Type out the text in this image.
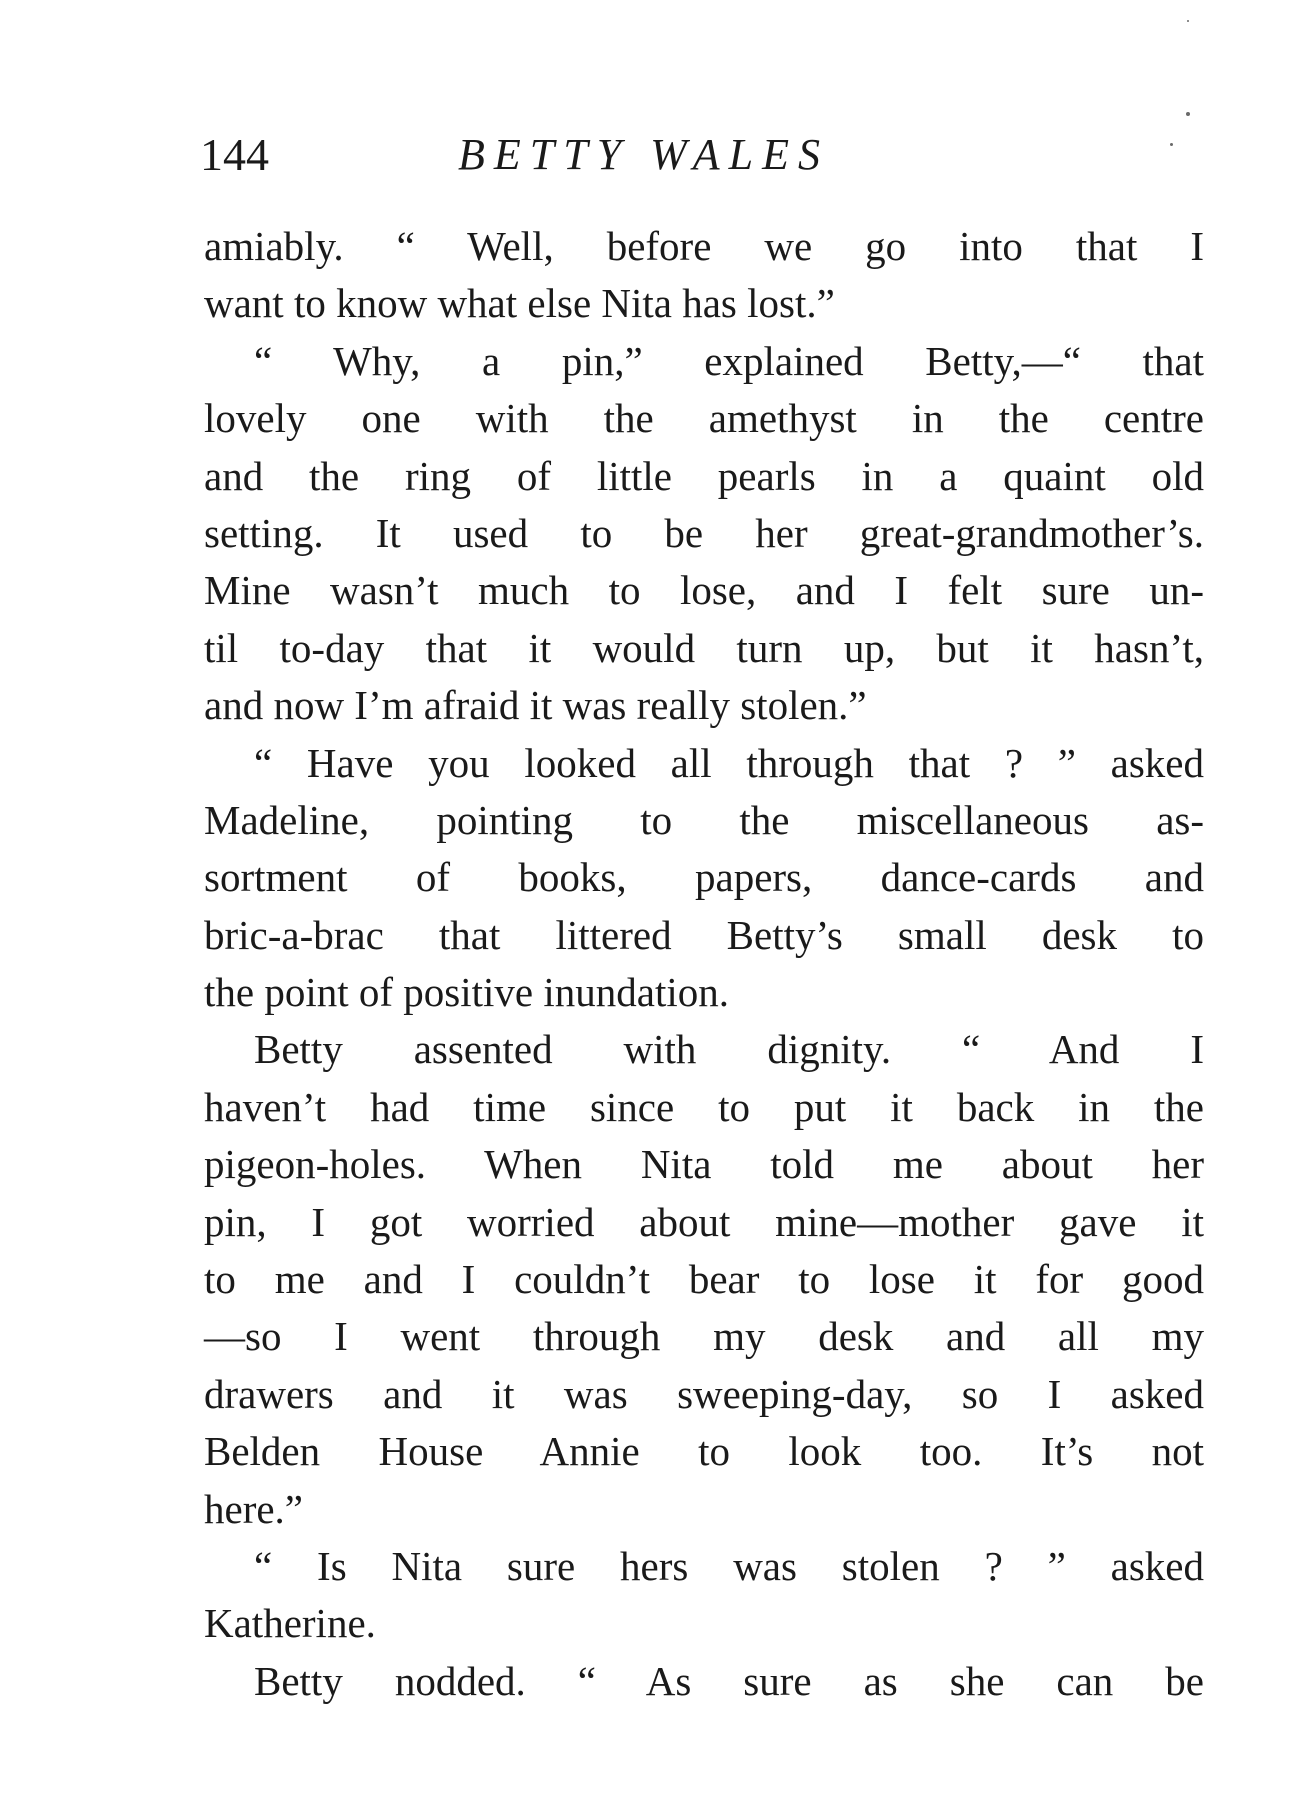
144	BETTY WALES
amiably. “ Well, before we go into that I
want to know what else Nita has lost.”
“ Why, a pin,” explained Betty,—“ that
lovely one with the amethyst in the centre
and the ring of little pearls in a quaint old
setting. It used to be her great-grandmother’s.
Mine wasn’t much to lose, and I felt sure un-
til to-day that it would turn up, but it hasn’t,
and now I’m afraid it was really stolen.”
“ Have you looked all through that ? ” asked
Madeline, pointing to the miscellaneous as-
sortment of books, papers, dance-cards and
bric-a-brac that littered Betty’s small desk to
the point of positive inundation.
Betty assented with dignity. “ And I
haven’t had time since to put it back in the
pigeon-holes. When Nita told me about her
pin, I got worried about mine—mother gave it
to me and I couldn’t bear to lose it for good
—so I went through my desk and all my
drawers and it was sweeping-day, so I asked
Belden House Annie to look too. It’s not
here.”
“ Is Nita sure hers was stolen ? ” asked
Katherine.
Betty nodded. “ As sure as she can be
